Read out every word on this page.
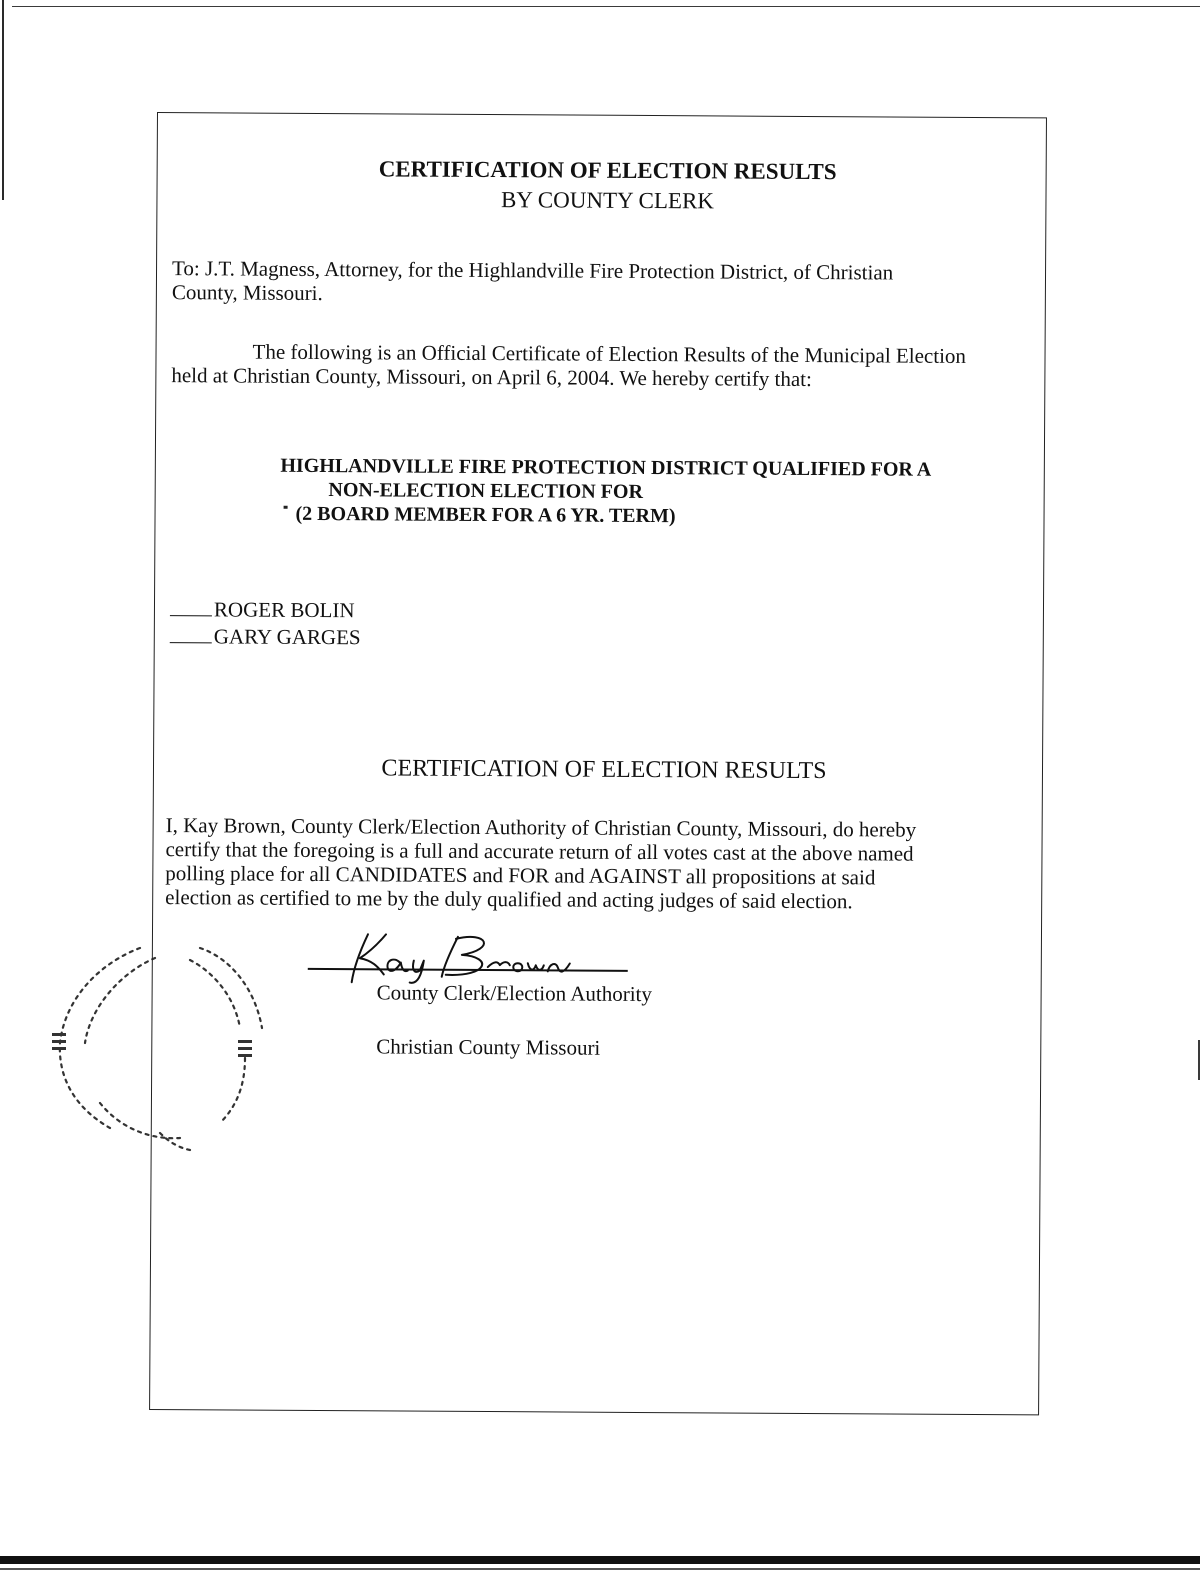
CERTIFICATION OF ELECTION RESULTS
BY COUNTY CLERK
To: J.T. Magness, Attorney, for the Highlandville Fire Protection District, of Christian
County, Missouri.
The following is an Official Certificate of Election Results of the Municipal Election
held at Christian County, Missouri, on April 6, 2004. We hereby certify that:
HIGHLANDVILLE FIRE PROTECTION DISTRICT QUALIFIED FOR A
NON-ELECTION ELECTION FOR
(2 BOARD MEMBER FOR A 6 YR. TERM)
ROGER BOLIN
GARY GARGES
CERTIFICATION OF ELECTION RESULTS
I, Kay Brown, County Clerk/Election Authority of Christian County, Missouri, do hereby
certify that the foregoing is a full and accurate return of all votes cast at the above named
polling place for all CANDIDATES and FOR and AGAINST all propositions at said
election as certified to me by the duly qualified and acting judges of said election.
County Clerk/Election Authority
Christian County Missouri
